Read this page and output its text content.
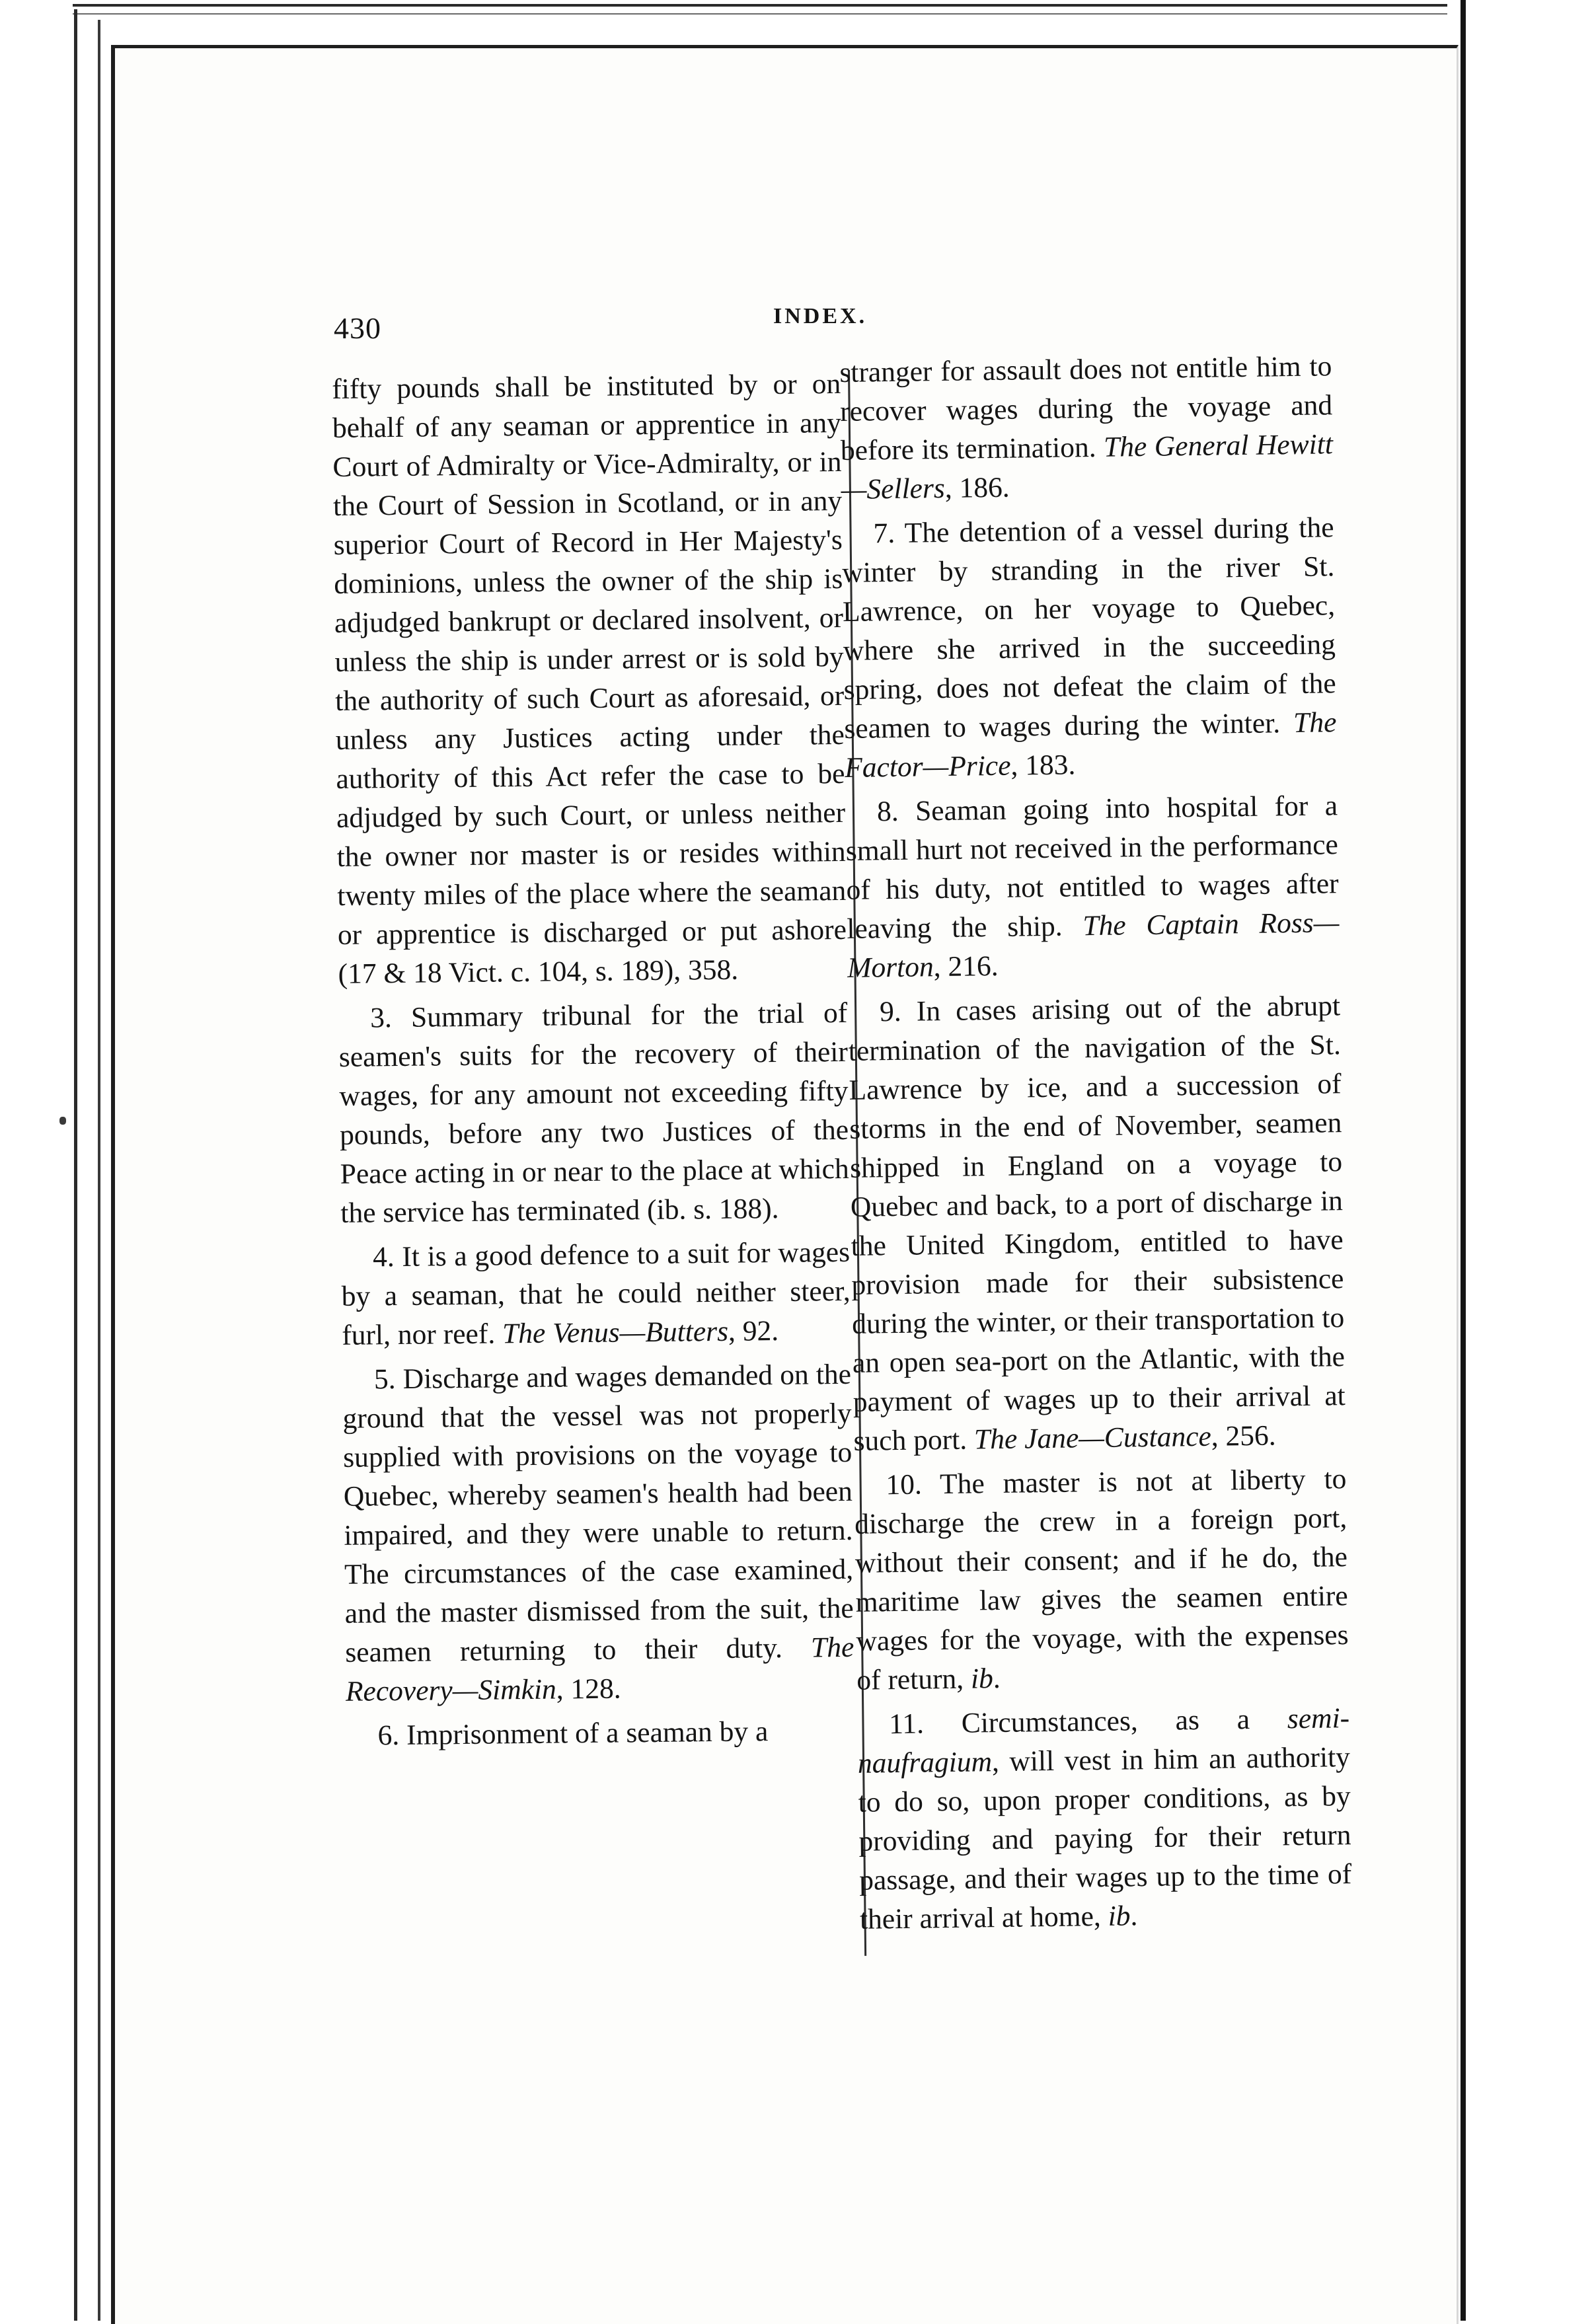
430	INDEX.

fifty pounds shall be instituted by or on behalf of any seaman or apprentice in any Court of Admiralty or Vice-Admiralty, or in the Court of Session in Scotland, or in any superior Court of Record in Her Majesty's dominions, unless the owner of the ship is adjudged bankrupt or declared insolvent, or unless the ship is under arrest or is sold by the authority of such Court as aforesaid, or unless any Justices acting under the authority of this Act refer the case to be adjudged by such Court, or unless neither the owner nor master is or resides within twenty miles of the place where the seaman or apprentice is discharged or put ashore (17 & 18 Vict. c. 104, s. 189), 358.

3. Summary tribunal for the trial of seamen's suits for the recovery of their wages, for any amount not exceeding fifty pounds, before any two Justices of the Peace acting in or near to the place at which the service has terminated (ib. s. 188).

4. It is a good defence to a suit for wages by a seaman, that he could neither steer, furl, nor reef. The Venus—Butters, 92.

5. Discharge and wages demanded on the ground that the vessel was not properly supplied with provisions on the voyage to Quebec, whereby seamen's health had been impaired, and they were unable to return. The circumstances of the case examined, and the master dismissed from the suit, the seamen returning to their duty. The Recovery—Simkin, 128.

6. Imprisonment of a seaman by a

stranger for assault does not entitle him to recover wages during the voyage and before its termination. The General Hewitt—Sellers, 186.

7. The detention of a vessel during the winter by stranding in the river St. Lawrence, on her voyage to Quebec, where she arrived in the succeeding spring, does not defeat the claim of the seamen to wages during the winter. The Factor—Price, 183.

8. Seaman going into hospital for a small hurt not received in the performance of his duty, not entitled to wages after leaving the ship. The Captain Ross—Morton, 216.

9. In cases arising out of the abrupt termination of the navigation of the St. Lawrence by ice, and a succession of storms in the end of November, seamen shipped in England on a voyage to Quebec and back, to a port of discharge in the United Kingdom, entitled to have provision made for their subsistence during the winter, or their transportation to an open sea-port on the Atlantic, with the payment of wages up to their arrival at such port. The Jane—Custance, 256.

10. The master is not at liberty to discharge the crew in a foreign port, without their consent; and if he do, the maritime law gives the seamen entire wages for the voyage, with the expenses of return, ib.

11. Circumstances, as a semi-naufragium, will vest in him an authority to do so, upon proper conditions, as by providing and paying for their return passage, and their wages up to the time of their arrival at home, ib.
